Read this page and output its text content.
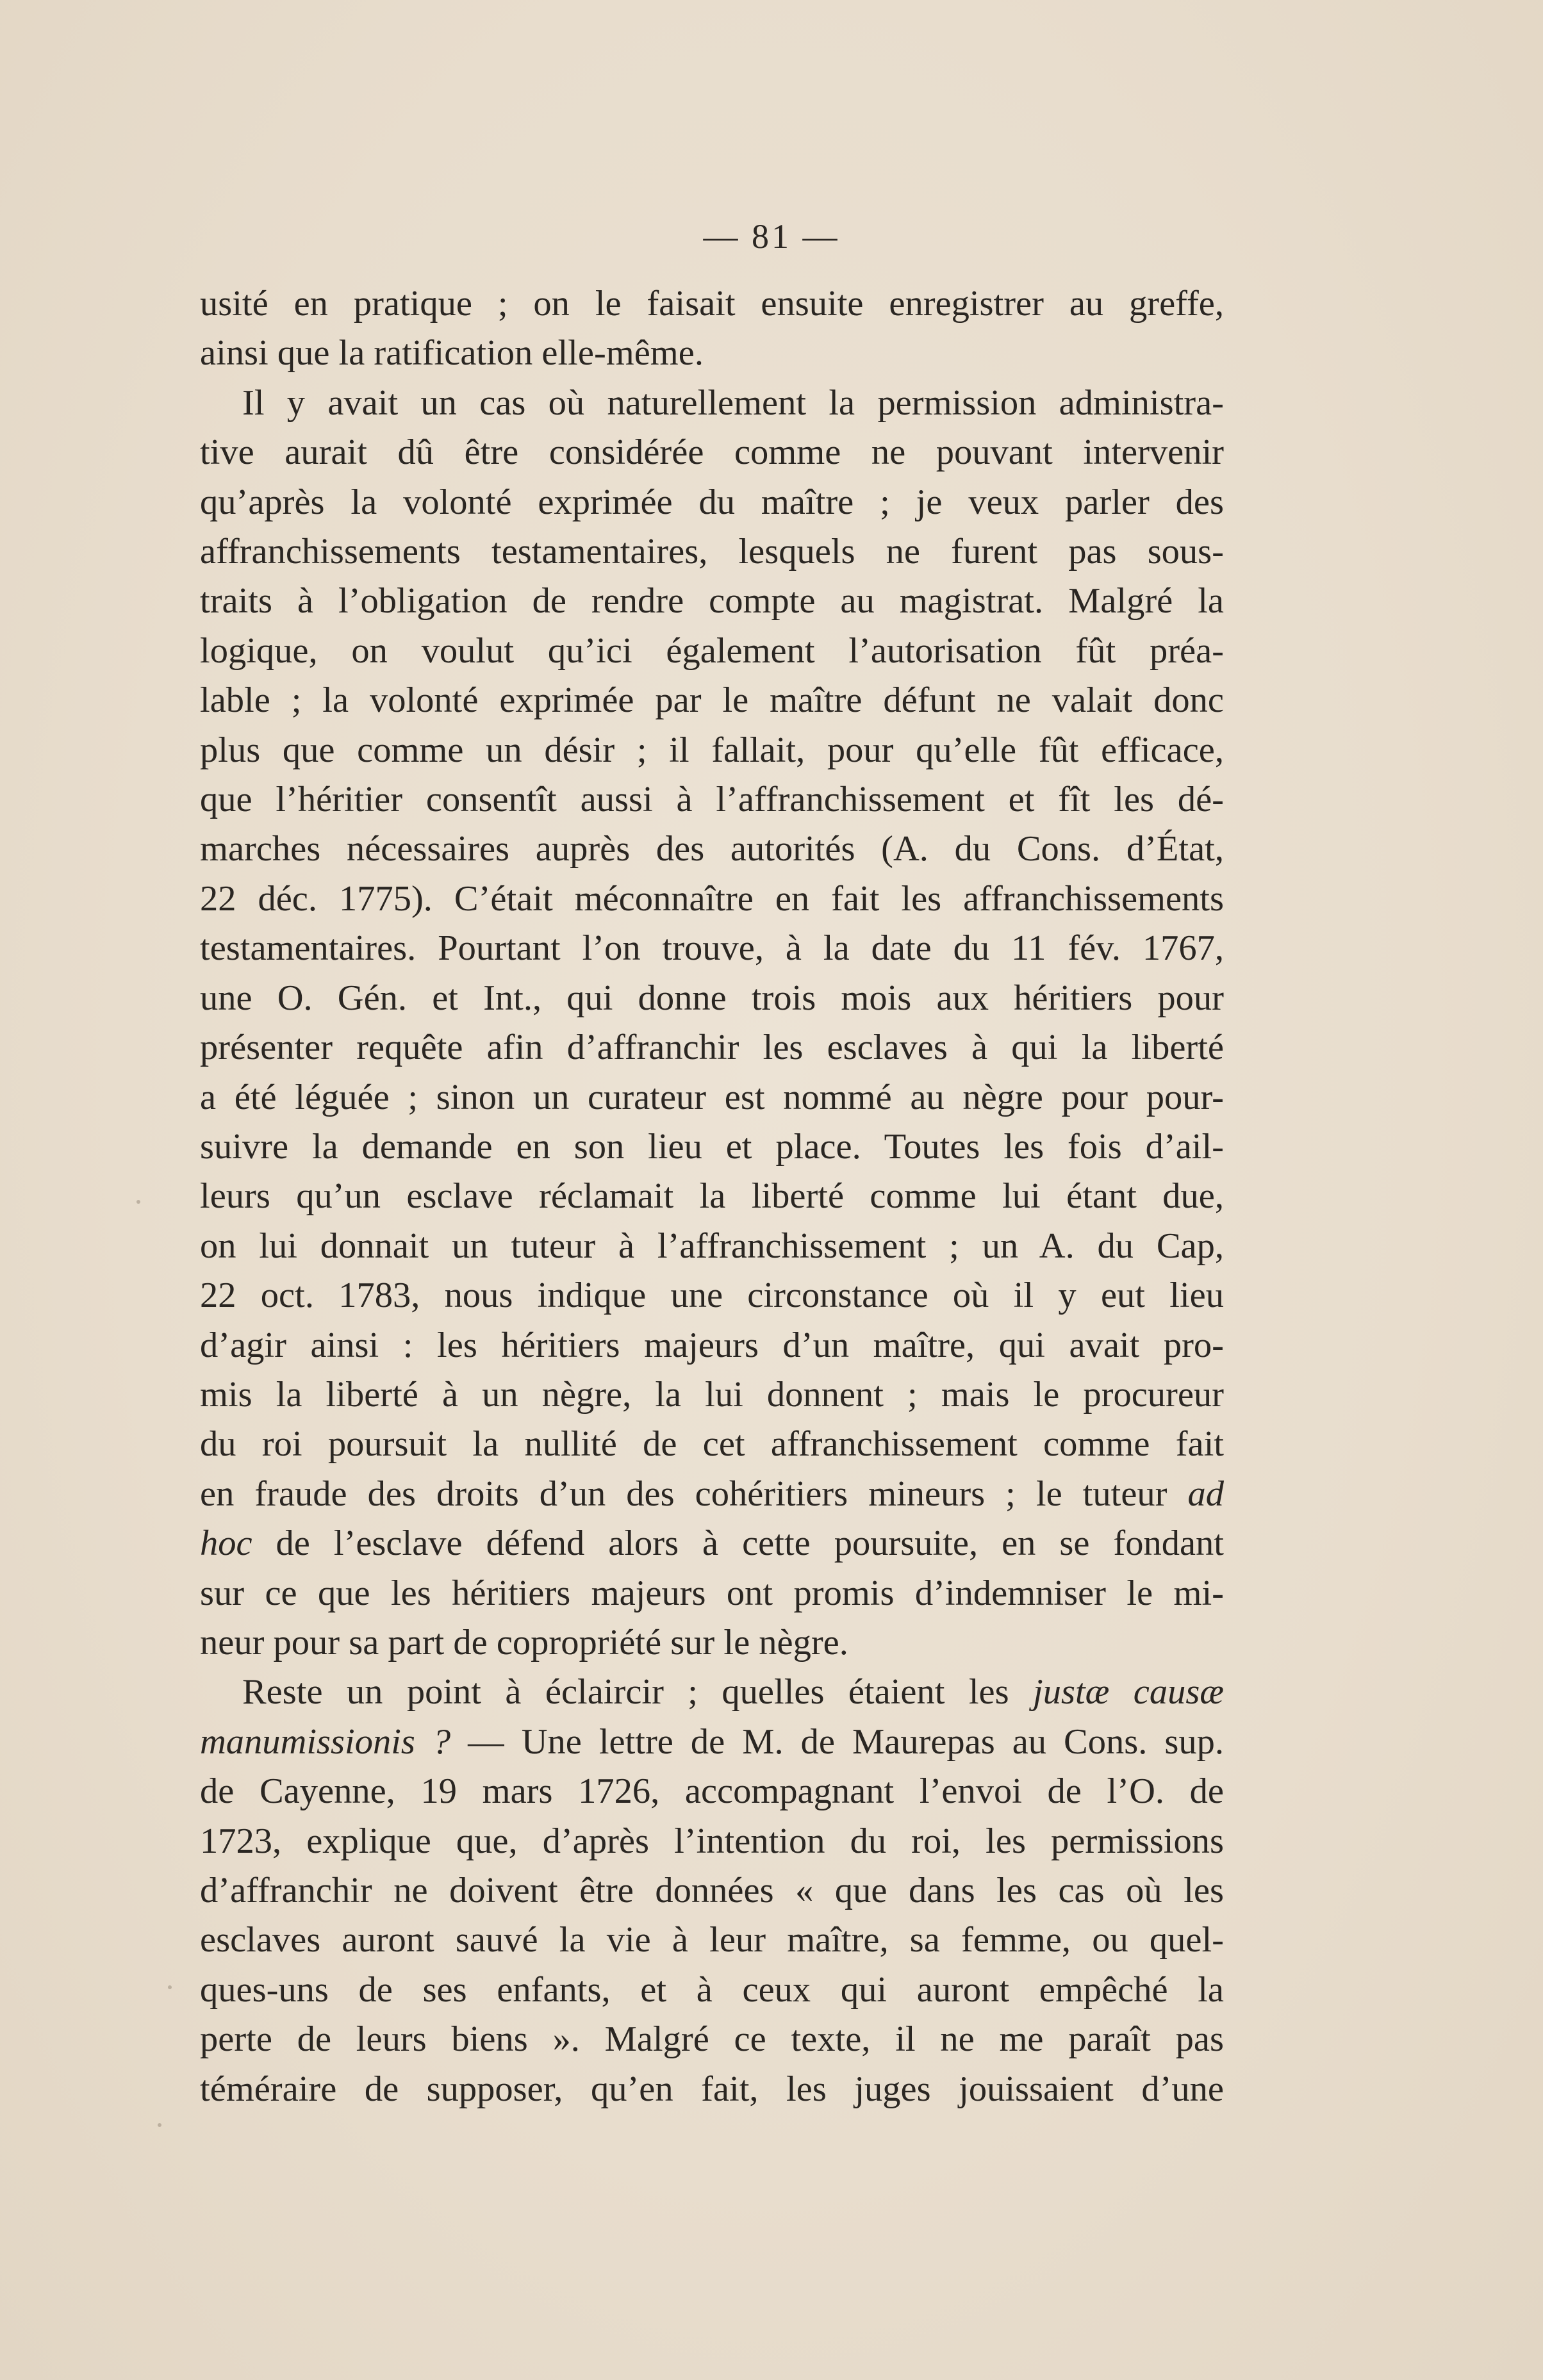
— 81 —
usité en pratique ; on le faisait ensuite enregistrer au greffe,
ainsi que la ratification elle-même.
Il y avait un cas où naturellement la permission administra-
tive aurait dû être considérée comme ne pouvant intervenir
qu’après la volonté exprimée du maître ; je veux parler des
affranchissements testamentaires, lesquels ne furent pas sous-
traits à l’obligation de rendre compte au magistrat. Malgré la
logique, on voulut qu’ici également l’autorisation fût préa-
lable ; la volonté exprimée par le maître défunt ne valait donc
plus que comme un désir ; il fallait, pour qu’elle fût efficace,
que l’héritier consentît aussi à l’affranchissement et fît les dé-
marches nécessaires auprès des autorités (A. du Cons. d’État,
22 déc. 1775). C’était méconnaître en fait les affranchissements
testamentaires. Pourtant l’on trouve, à la date du 11 fév. 1767,
une O. Gén. et Int., qui donne trois mois aux héritiers pour
présenter requête afin d’affranchir les esclaves à qui la liberté
a été léguée ; sinon un curateur est nommé au nègre pour pour-
suivre la demande en son lieu et place. Toutes les fois d’ail-
leurs qu’un esclave réclamait la liberté comme lui étant due,
on lui donnait un tuteur à l’affranchissement ; un A. du Cap,
22 oct. 1783, nous indique une circonstance où il y eut lieu
d’agir ainsi : les héritiers majeurs d’un maître, qui avait pro-
mis la liberté à un nègre, la lui donnent ; mais le procureur
du roi poursuit la nullité de cet affranchissement comme fait
en fraude des droits d’un des cohéritiers mineurs ; le tuteur ad
hoc de l’esclave défend alors à cette poursuite, en se fondant
sur ce que les héritiers majeurs ont promis d’indemniser le mi-
neur pour sa part de copropriété sur le nègre.
Reste un point à éclaircir ; quelles étaient les justæ causæ
manumissionis ? — Une lettre de M. de Maurepas au Cons. sup.
de Cayenne, 19 mars 1726, accompagnant l’envoi de l’O. de
1723, explique que, d’après l’intention du roi, les permissions
d’affranchir ne doivent être données « que dans les cas où les
esclaves auront sauvé la vie à leur maître, sa femme, ou quel-
ques-uns de ses enfants, et à ceux qui auront empêché la
perte de leurs biens ». Malgré ce texte, il ne me paraît pas
téméraire de supposer, qu’en fait, les juges jouissaient d’une
